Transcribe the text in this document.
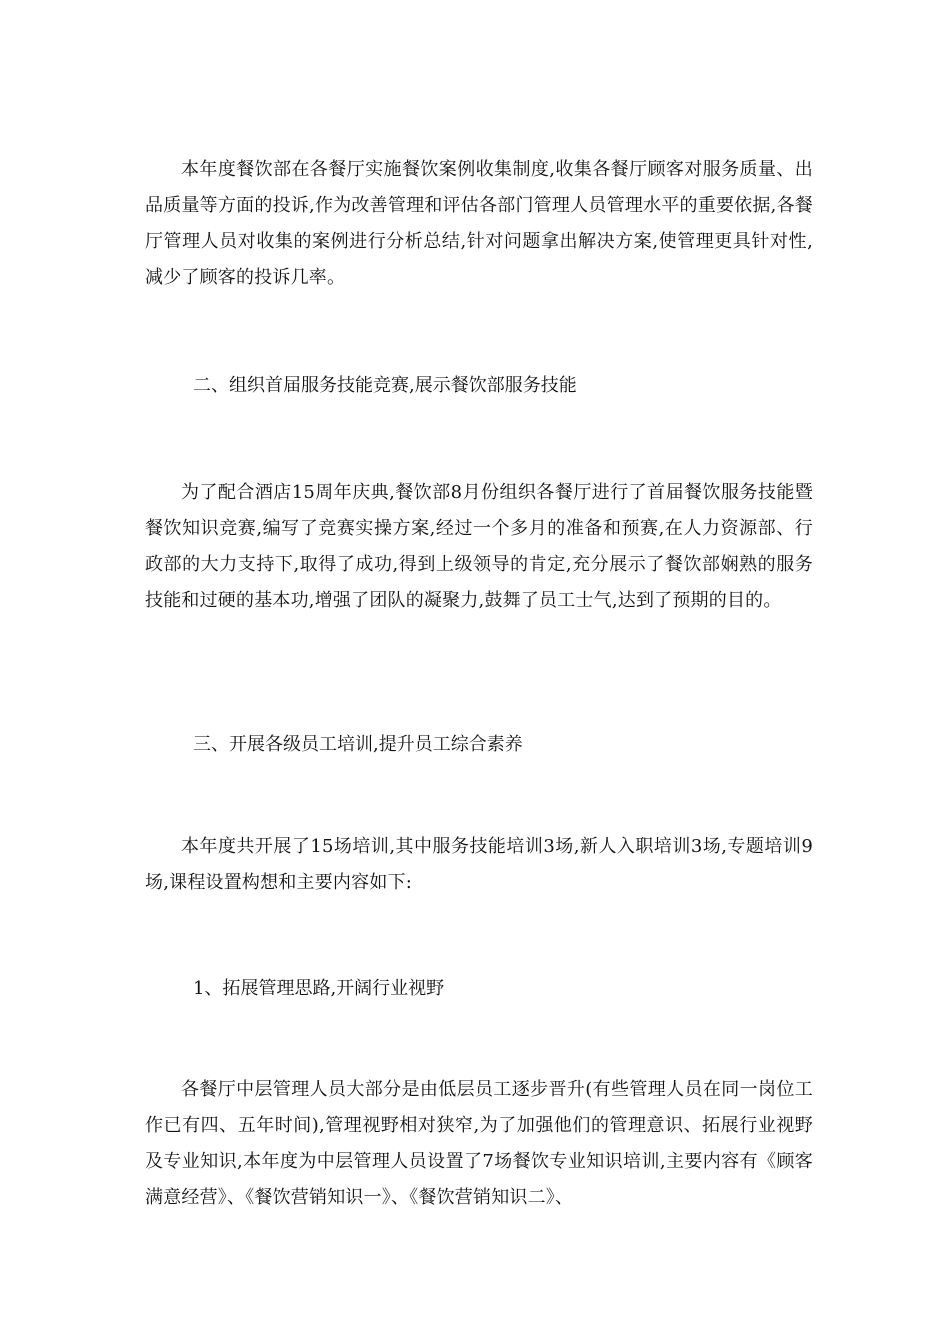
本年度餐饮部在各餐厅实施餐饮案例收集制度,收集各餐厅顾客对服务质量、出品质量等方面的投诉,作为改善管理和评估各部门管理人员管理水平的重要依据,各餐厅管理人员对收集的案例进行分析总结,针对问题拿出解决方案,使管理更具针对性,减少了顾客的投诉几率。

二、组织首届服务技能竞赛,展示餐饮部服务技能

为了配合酒店15周年庆典,餐饮部8月份组织各餐厅进行了首届餐饮服务技能暨餐饮知识竞赛,编写了竞赛实操方案,经过一个多月的准备和预赛,在人力资源部、行政部的大力支持下,取得了成功,得到上级领导的肯定,充分展示了餐饮部娴熟的服务技能和过硬的基本功,增强了团队的凝聚力,鼓舞了员工士气,达到了预期的目的。

三、开展各级员工培训,提升员工综合素养

本年度共开展了15场培训,其中服务技能培训3场,新人入职培训3场,专题培训9场,课程设置构想和主要内容如下:

1、拓展管理思路,开阔行业视野

各餐厅中层管理人员大部分是由低层员工逐步晋升(有些管理人员在同一岗位工作已有四、五年时间),管理视野相对狭窄,为了加强他们的管理意识、拓展行业视野及专业知识,本年度为中层管理人员设置了7场餐饮专业知识培训,主要内容有《顾客满意经营》、《餐饮营销知识一》、《餐饮营销知识二》、
